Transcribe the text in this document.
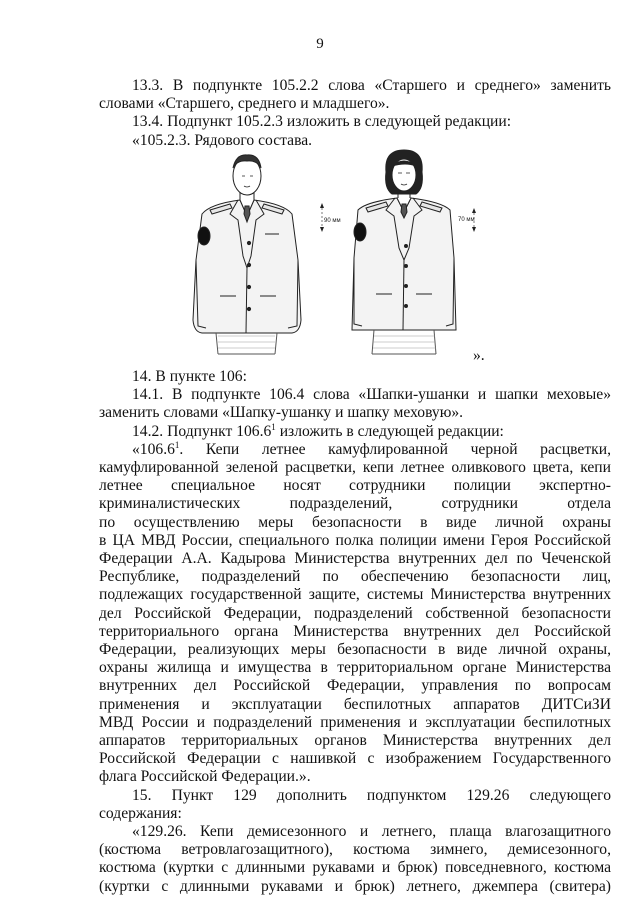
9

13.3. В подпункте 105.2.2 слова «Старшего и среднего» заменить

словами «Старшего, среднего и младшего».

13.4. Подпункт 105.2.3 изложить в следующей редакции:

«105.2.3. Рядового состава.

90 мм	70 мм
».

14. В пункте 106:

14.1. В подпункте 106.4 слова «Шапки-ушанки и шапки меховые»

заменить словами «Шапку-ушанку и шапку меховую».

14.2. Подпункт 106.6$^1$ изложить в следующей редакции:

«106.6$^1$. Кепи летнее камуфлированной черной расцветки,

камуфлированной зеленой расцветки, кепи летнее оливкового цвета, кепи

летнее специальное носят сотрудники полиции экспертно-

криминалистических подразделений, сотрудники отдела

по осуществлению меры безопасности в виде личной охраны

в ЦА МВД России, специального полка полиции имени Героя Российской

Федерации А.А. Кадырова Министерства внутренних дел по Чеченской

Республике, подразделений по обеспечению безопасности лиц,

подлежащих государственной защите, системы Министерства внутренних

дел Российской Федерации, подразделений собственной безопасности

территориального органа Министерства внутренних дел Российской

Федерации, реализующих меры безопасности в виде личной охраны,

охраны жилища и имущества в территориальном органе Министерства

внутренних дел Российской Федерации, управления по вопросам

применения и эксплуатации беспилотных аппаратов ДИТСиЗИ

МВД России и подразделений применения и эксплуатации беспилотных

аппаратов территориальных органов Министерства внутренних дел

Российской Федерации с нашивкой с изображением Государственного

флага Российской Федерации.».

15. Пункт 129 дополнить подпунктом 129.26 следующего

содержания:

«129.26. Кепи демисезонного и летнего, плаща влагозащитного

(костюма ветровлагозащитного), костюма зимнего, демисезонного,

костюма (куртки с длинными рукавами и брюк) повседневного, костюма

(куртки с длинными рукавами и брюк) летнего, джемпера (свитера)
